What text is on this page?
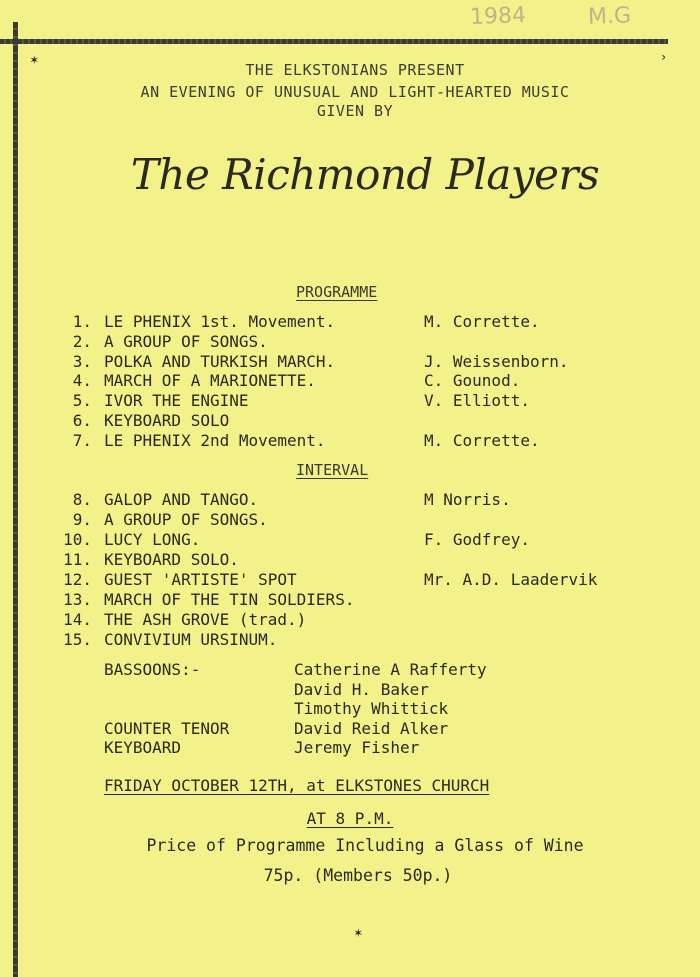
1984	M.G
✶	›
THE ELKSTONIANS PRESENT
AN EVENING OF UNUSUAL AND LIGHT-HEARTED MUSIC
GIVEN BY
The Richmond Players
PROGRAMME
1. LE PHENIX 1st. Movement.	M. Corrette.
2. A GROUP OF SONGS.
3. POLKA AND TURKISH MARCH.	J. Weissenborn.
4. MARCH OF A MARIONETTE.	C. Gounod.
5. IVOR THE ENGINE	V. Elliott.
6. KEYBOARD SOLO
7. LE PHENIX 2nd Movement.	M. Corrette.
INTERVAL
8. GALOP AND TANGO.	M Norris.
9. A GROUP OF SONGS.
10. LUCY LONG.	F. Godfrey.
11. KEYBOARD SOLO.
12. GUEST 'ARTISTE' SPOT	Mr. A.D. Laadervik
13. MARCH OF THE TIN SOLDIERS.
14. THE ASH GROVE (trad.)
15. CONVIVIUM URSINUM.
BASSOONS:-	Catherine A Rafferty
David H. Baker
Timothy Whittick
COUNTER TENOR	David Reid Alker
KEYBOARD	Jeremy Fisher
FRIDAY OCTOBER 12TH, at ELKSTONES CHURCH
AT 8 P.M.
Price of Programme Including a Glass of Wine
75p. (Members 50p.)
✶
